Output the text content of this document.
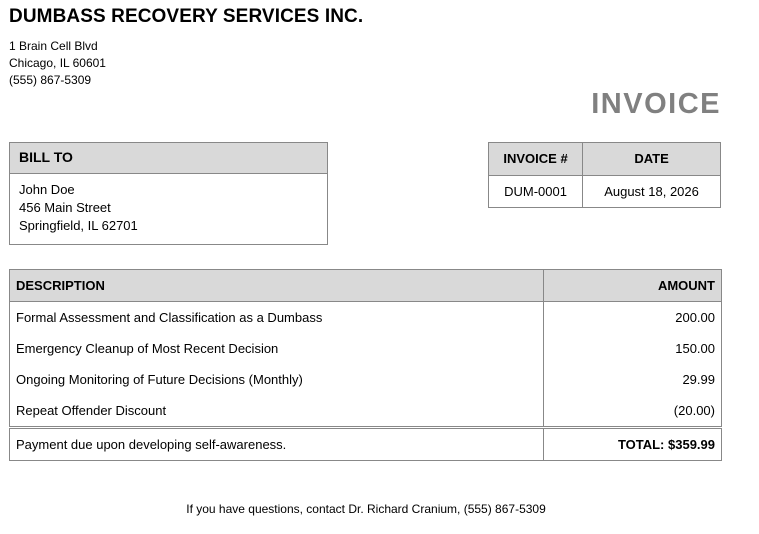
DUMBASS RECOVERY SERVICES INC.
1 Brain Cell Blvd
Chicago, IL 60601
(555) 867-5309
INVOICE
BILL TO
John Doe
456 Main Street
Springfield, IL 62701
INVOICE #	DATE
DUM-0001	August 18, 2026
DESCRIPTION	AMOUNT
Formal Assessment and Classification as a Dumbass	200.00
Emergency Cleanup of Most Recent Decision	150.00
Ongoing Monitoring of Future Decisions (Monthly)	29.99
Repeat Offender Discount	(20.00)
Payment due upon developing self-awareness.	TOTAL: $359.99
If you have questions, contact Dr. Richard Cranium, (555) 867-5309
